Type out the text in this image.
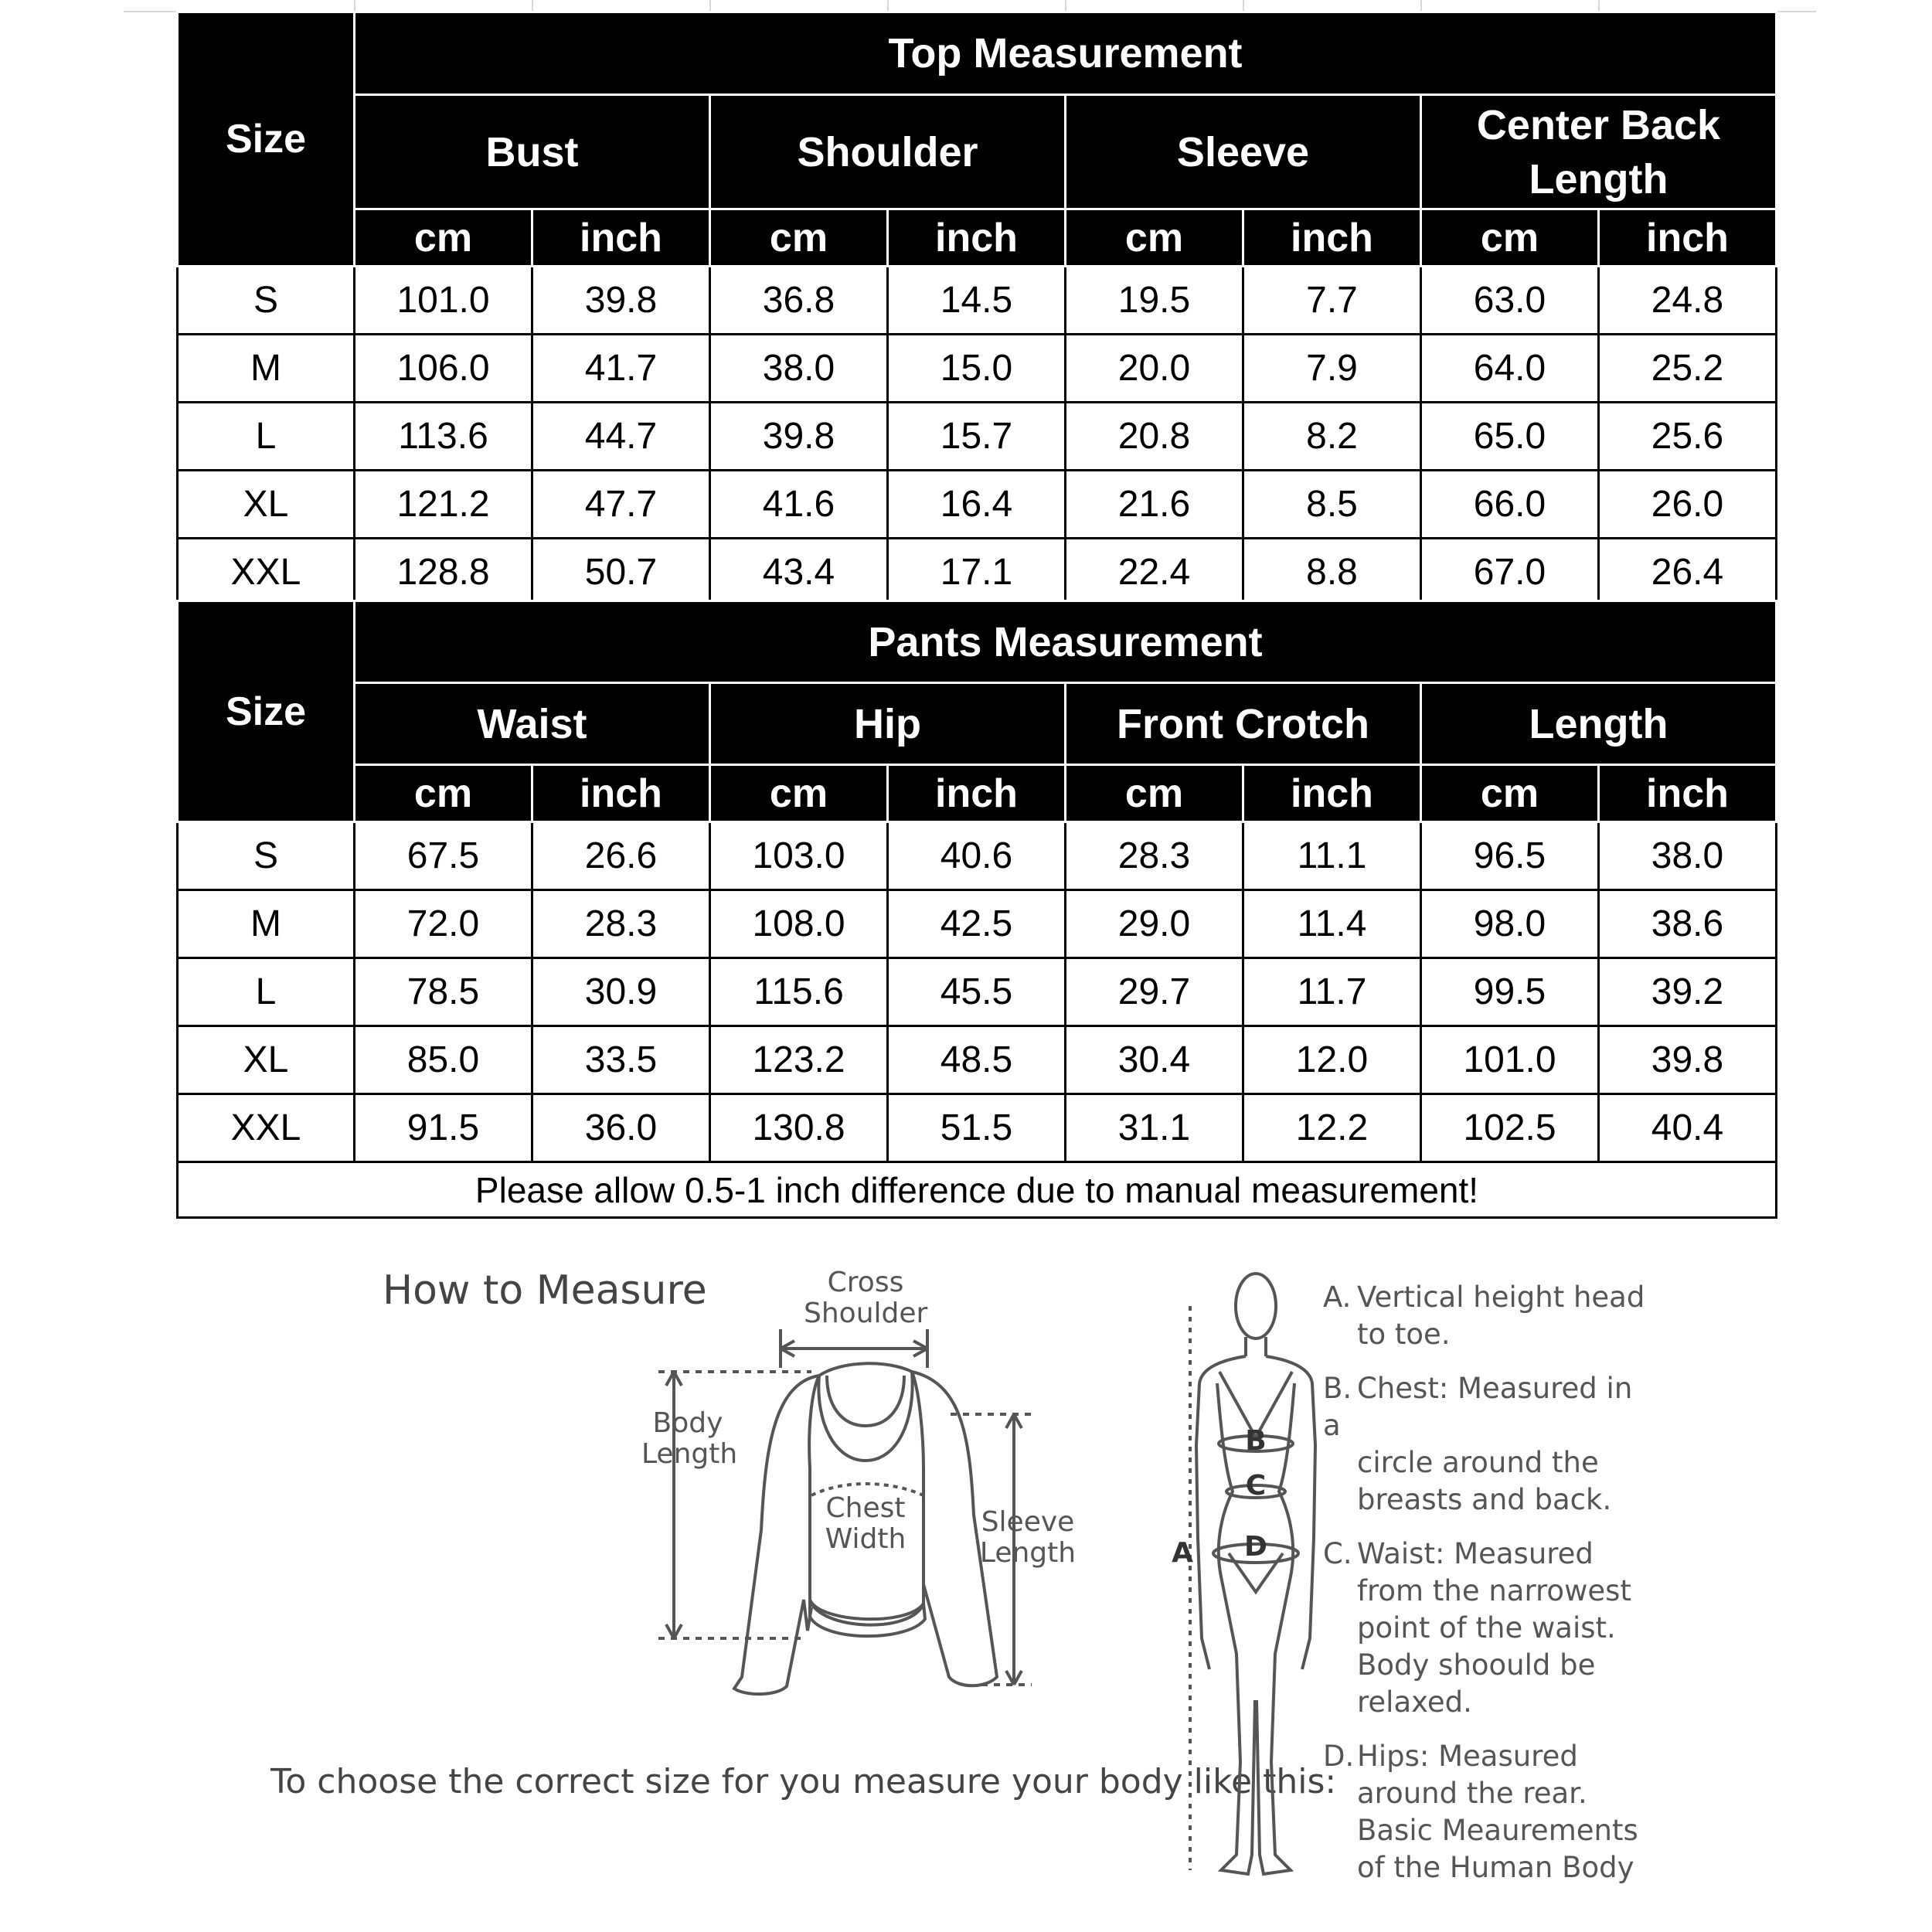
Size	Top Measurement							
	Bust		Shoulder		Sleeve		Center Back Length	
	cm	inch	cm	inch	cm	inch	cm	inch
S	101.0	39.8	36.8	14.5	19.5	7.7	63.0	24.8
M	106.0	41.7	38.0	15.0	20.0	7.9	64.0	25.2
L	113.6	44.7	39.8	15.7	20.8	8.2	65.0	25.6
XL	121.2	47.7	41.6	16.4	21.6	8.5	66.0	26.0
XXL	128.8	50.7	43.4	17.1	22.4	8.8	67.0	26.4
Size	Pants Measurement							
	Waist		Hip		Front Crotch		Length	
	cm	inch	cm	inch	cm	inch	cm	inch
S	67.5	26.6	103.0	40.6	28.3	11.1	96.5	38.0
M	72.0	28.3	108.0	42.5	29.0	11.4	98.0	38.6
L	78.5	30.9	115.6	45.5	29.7	11.7	99.5	39.2
XL	85.0	33.5	123.2	48.5	30.4	12.0	101.0	39.8
XXL	91.5	36.0	130.8	51.5	31.1	12.2	102.5	40.4
Please allow 0.5-1 inch difference due to manual measurement!								
How to Measure
To choose the correct size for you measure your body like this:
Cross
Shoulder
Body
Length
Chest
Width
Sleeve
Length	A
B
C
D
A. Vertical height head
to toe.
B. Chest: Measured in a
circle around the
breasts and back.
C. Waist: Measured
from the narrowest
point of the waist.
Body shoould be
relaxed.
D. Hips: Measured
around the rear.
Basic Meaurements
of the Human Body
